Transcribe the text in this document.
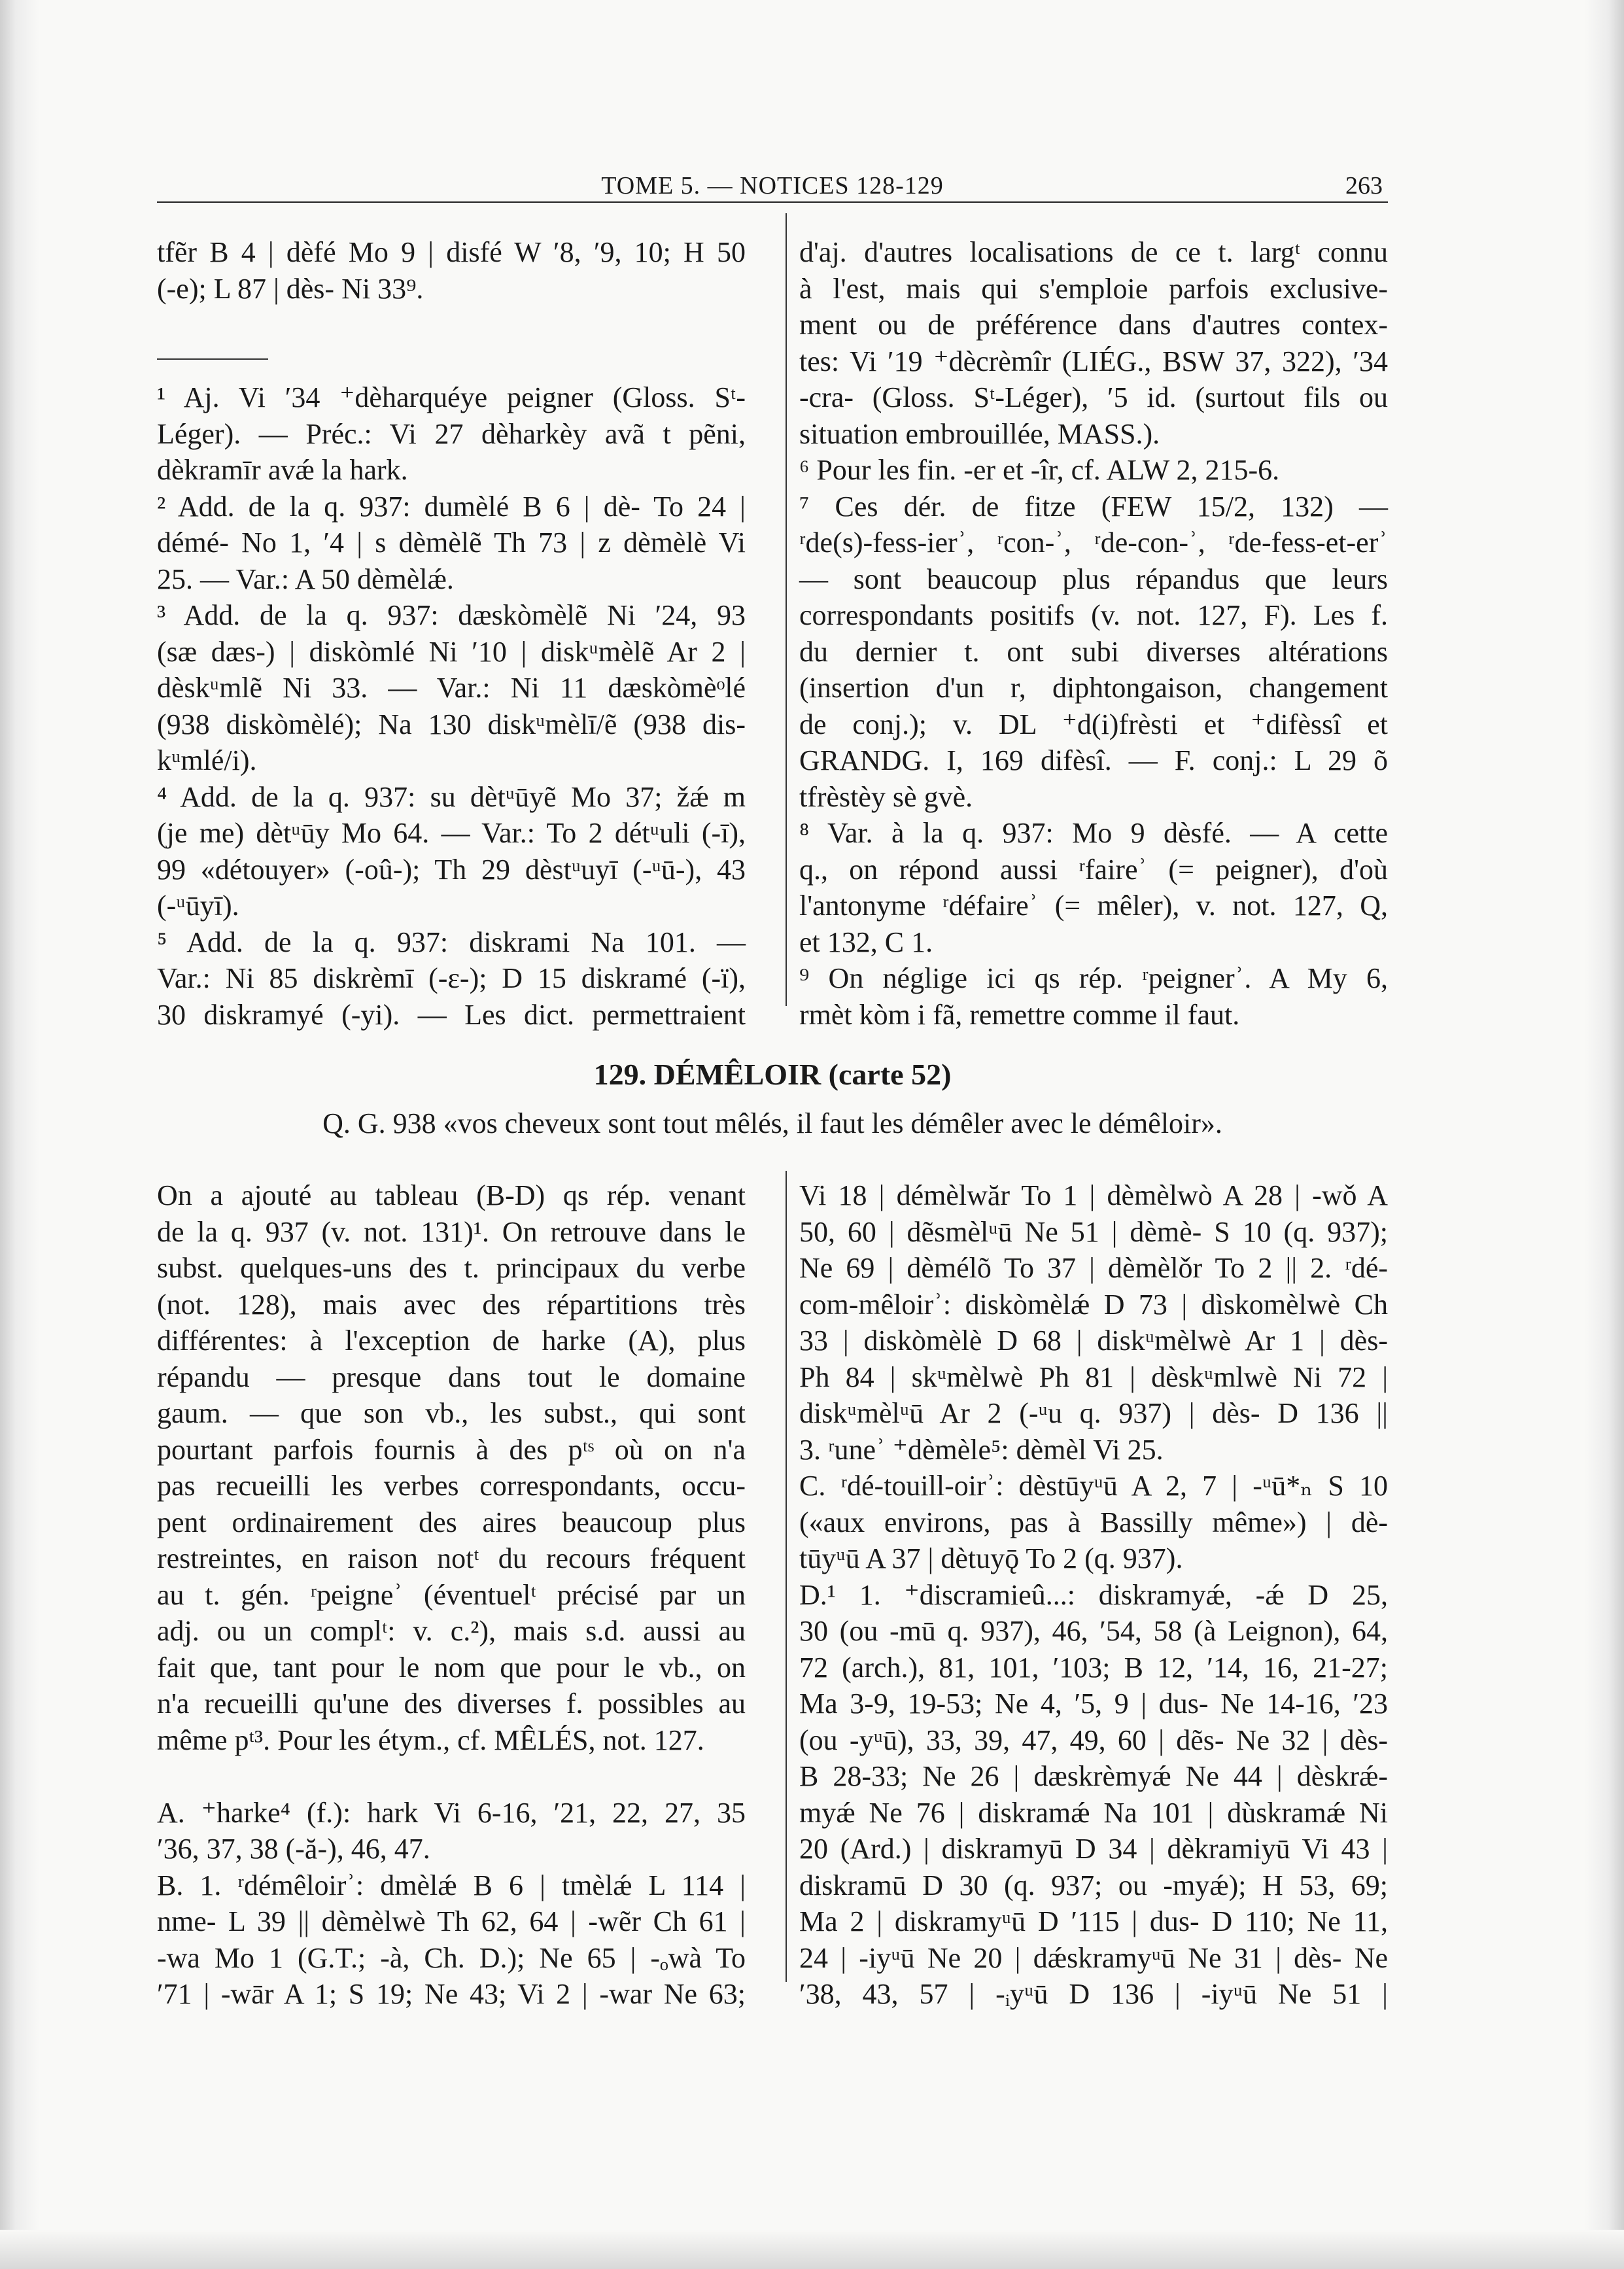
TOME 5. — NOTICES 128-129	263
tfẽr B 4 | dèfé Mo 9 | disfé W ʹ8, ʹ9, 10; H 50
(-e); L 87 | dès- Ni 33⁹.
¹ Aj. Vi ʹ34 ⁺dèharquéye peigner (Gloss. Sᵗ-
Léger). — Préc.: Vi 27 dèharkèy avã t pẽni,
dèkramīr avǽ la hark.
² Add. de la q. 937: dumèlé B 6 | dè- To 24 |
démé- No 1, ʹ4 | s dèmèlẽ Th 73 | z dèmèlè Vi
25. — Var.: A 50 dèmèlǽ.
³ Add. de la q. 937: dæskòmèlẽ Ni ʹ24, 93
(sæ dæs-) | diskòmlé Ni ʹ10 | diskᵘmèlẽ Ar 2 |
dèskᵘmlẽ Ni 33. — Var.: Ni 11 dæskòmèᵒlé
(938 diskòmèlé); Na 130 diskᵘmèlī/ẽ (938 dis-
kᵘmlé/i).
⁴ Add. de la q. 937: su dètᵘūyẽ Mo 37; žǽ m
(je me) dètᵘūy Mo 64. — Var.: To 2 détᵘuli (-ī),
99 «détouyer» (-oû-); Th 29 dèstᵘuyī (-ᵘū-), 43
(-ᵘūyī).
⁵ Add. de la q. 937: diskrami Na 101. —
Var.: Ni 85 diskrèmī (-ɛ-); D 15 diskramé (-ï),
30 diskramyé (-yi). — Les dict. permettraient
d'aj. d'autres localisations de ce t. largᵗ connu
à l'est, mais qui s'emploie parfois exclusive-
ment ou de préférence dans d'autres contex-
tes: Vi ʹ19 ⁺dècrèmîr (LIÉG., BSW 37, 322), ʹ34
-cra- (Gloss. Sᵗ-Léger), ʹ5 id. (surtout fils ou
situation embrouillée, MASS.).
⁶ Pour les fin. -er et -îr, cf. ALW 2, 215-6.
⁷ Ces dér. de fitze (FEW 15/2, 132) —
ʳde(s)-fess-ierʾ, ʳcon-ʾ, ʳde-con-ʾ, ʳde-fess-et-erʾ
— sont beaucoup plus répandus que leurs
correspondants positifs (v. not. 127, F). Les f.
du dernier t. ont subi diverses altérations
(insertion d'un r, diphtongaison, changement
de conj.); v. DL ⁺d(i)frèsti et ⁺difèssî et
GRANDG. I, 169 difèsî. — F. conj.: L 29 õ
tfrèstèy sè gvè.
⁸ Var. à la q. 937: Mo 9 dèsfé. — A cette
q., on répond aussi ʳfaireʾ (= peigner), d'où
l'antonyme ʳdéfaireʾ (= mêler), v. not. 127, Q,
et 132, C 1.
⁹ On néglige ici qs rép. ʳpeignerʾ. A My 6,
rmèt kòm i fã, remettre comme il faut.
129. DÉMÊLOIR (carte 52)
Q. G. 938 «vos cheveux sont tout mêlés, il faut les démêler avec le démêloir».
On a ajouté au tableau (B-D) qs rép. venant
de la q. 937 (v. not. 131)¹. On retrouve dans le
subst. quelques-uns des t. principaux du verbe
(not. 128), mais avec des répartitions très
différentes: à l'exception de harke (A), plus
répandu — presque dans tout le domaine
gaum. — que son vb., les subst., qui sont
pourtant parfois fournis à des pᵗˢ où on n'a
pas recueilli les verbes correspondants, occu-
pent ordinairement des aires beaucoup plus
restreintes, en raison notᵗ du recours fréquent
au t. gén. ʳpeigneʾ (éventuelᵗ précisé par un
adj. ou un complᵗ: v. c.²), mais s.d. aussi au
fait que, tant pour le nom que pour le vb., on
n'a recueilli qu'une des diverses f. possibles au
même pᵗ³. Pour les étym., cf. MÊLÉS, not. 127.

A. ⁺harke⁴ (f.): hark Vi 6-16, ʹ21, 22, 27, 35
ʹ36, 37, 38 (-ă-), 46, 47.
B. 1. ʳdémêloirʾ: dmèlǽ B 6 | tmèlǽ L 114 |
nme- L 39 || dèmèlwè Th 62, 64 | -wẽr Ch 61 |
-wa Mo 1 (G.T.; -à, Ch. D.); Ne 65 | -ₒwà To
ʹ71 | -wār A 1; S 19; Ne 43; Vi 2 | -war Ne 63;
Vi 18 | démèlwăr To 1 | dèmèlwò A 28 | -wǒ A
50, 60 | dẽsmèlᵘū Ne 51 | dèmè- S 10 (q. 937);
Ne 69 | dèmélõ To 37 | dèmèlǒr To 2 || 2. ʳdé-
com-mêloirʾ: diskòmèlǽ D 73 | dìskomèlwè Ch
33 | diskòmèlè D 68 | diskᵘmèlwè Ar 1 | dès-
Ph 84 | skᵘmèlwè Ph 81 | dèskᵘmlwè Ni 72 |
diskᵘmèlᵘū Ar 2 (-ᵘu q. 937) | dès- D 136 ||
3. ʳuneʾ ⁺dèmèle⁵: dèmèl Vi 25.
C. ʳdé-touill-oirʾ: dèstūyᵘū A 2, 7 | -ᵘū*ₙ S 10
(«aux environs, pas à Bassilly même») | dè-
tūyᵘū A 37 | dètuyǭ To 2 (q. 937).
D.¹ 1. ⁺discramieû...: diskramyǽ, -ǽ D 25,
30 (ou -mū q. 937), 46, ʹ54, 58 (à Leignon), 64,
72 (arch.), 81, 101, ʹ103; B 12, ʹ14, 16, 21-27;
Ma 3-9, 19-53; Ne 4, ʹ5, 9 | dus- Ne 14-16, ʹ23
(ou -yᵘū), 33, 39, 47, 49, 60 | dẽs- Ne 32 | dès-
B 28-33; Ne 26 | dæskrèmyǽ Ne 44 | dèskrǽ-
myǽ Ne 76 | diskramǽ Na 101 | dùskramǽ Ni
20 (Ard.) | diskramyū D 34 | dèkramiyū Vi 43 |
diskramū D 30 (q. 937; ou -myǽ); H 53, 69;
Ma 2 | diskramyᵘū D ʹ115 | dus- D 110; Ne 11,
24 | -iyᵘū Ne 20 | dǽskramyᵘū Ne 31 | dès- Ne
ʹ38, 43, 57 | -ᵢyᵘū D 136 | -iyᵘū Ne 51 |
